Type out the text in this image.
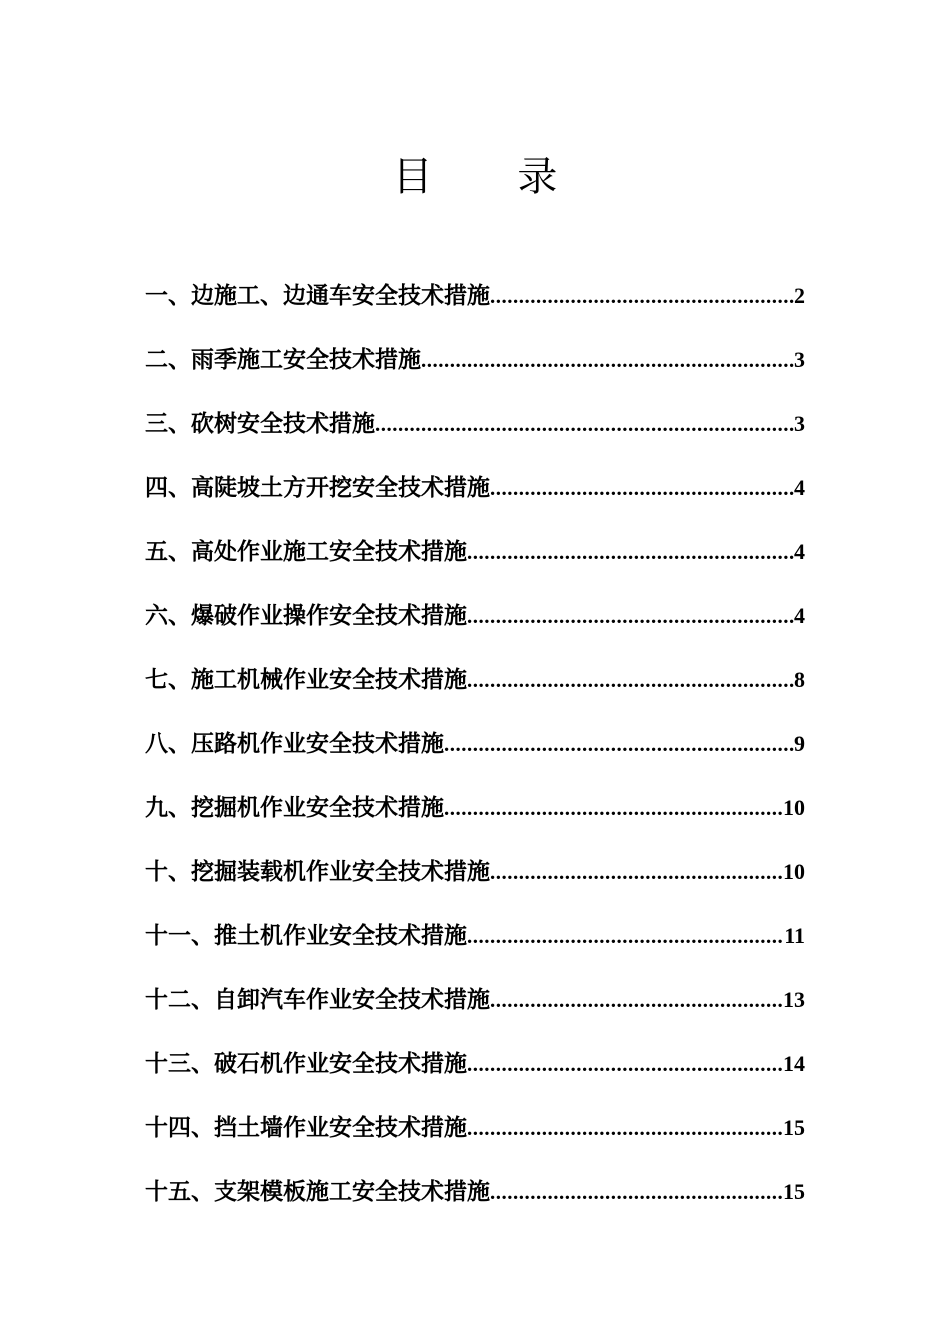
目 录
一、边施工、边通车安全技术措施 .....	2
二、雨季施工安全技术措施 .....	3
三、砍树安全技术措施 .....	3
四、高陡坡土方开挖安全技术措施 .....	4
五、高处作业施工安全技术措施 .....	4
六、爆破作业操作安全技术措施 .....	4
七、施工机械作业安全技术措施 .....	8
八、压路机作业安全技术措施 .....	9
九、挖掘机作业安全技术措施 .....	10
十、挖掘装载机作业安全技术措施 .....	10
十一、推土机作业安全技术措施 .....	11
十二、自卸汽车作业安全技术措施 .....	13
十三、破石机作业安全技术措施 .....	14
十四、挡土墙作业安全技术措施 .....	15
十五、支架模板施工安全技术措施 .....	15
